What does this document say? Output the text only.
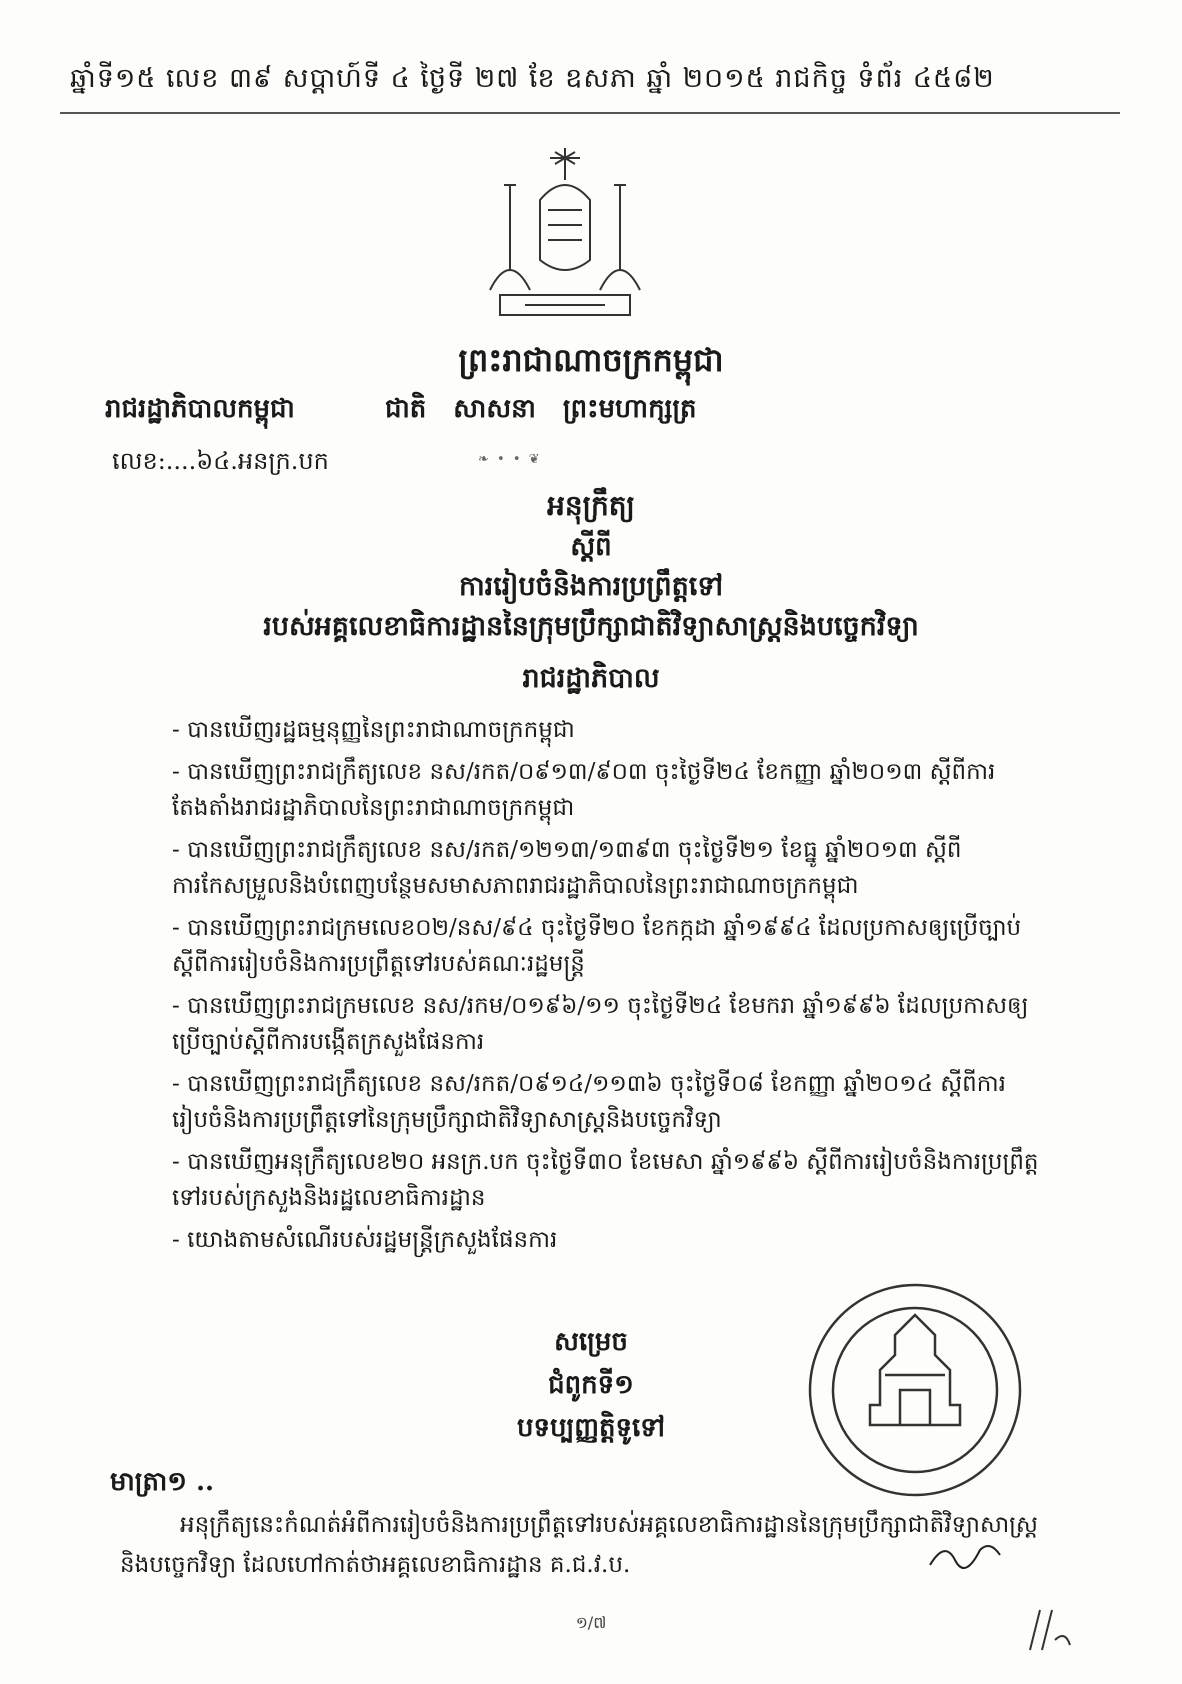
ឆ្នាំទី១៥ លេខ ៣៩ សប្ដាហ៍ទី ៤ ថ្ងៃទី ២៧ ខែ ឧសភា ឆ្នាំ ២០១៥ រាជកិច្ច ទំព័រ ៤៥៨២
ព្រះរាជាណាចក្រកម្ពុជា
រាជរដ្ឋាភិបាលកម្ពុជា	ជាតិ សាសនា ព្រះមហាក្សត្រ
លេខ:....៦៤.អនក្រ.បក	❧ • • ❦
អនុក្រឹត្យ
ស្ដីពី
ការរៀបចំនិងការប្រព្រឹត្តទៅ
របស់អគ្គលេខាធិការដ្ឋាននៃក្រុមប្រឹក្សាជាតិវិទ្យាសាស្ត្រនិងបច្ចេកវិទ្យា
រាជរដ្ឋាភិបាល
- បានឃើញរដ្ឋធម្មនុញ្ញនៃព្រះរាជាណាចក្រកម្ពុជា
- បានឃើញព្រះរាជក្រឹត្យលេខ នស/រកត/០៩១៣/៩០៣ ចុះថ្ងៃទី២៤ ខែកញ្ញា ឆ្នាំ២០១៣ ស្តីពីការតែងតាំងរាជរដ្ឋាភិបាលនៃព្រះរាជាណាចក្រកម្ពុជា
- បានឃើញព្រះរាជក្រឹត្យលេខ នស/រកត/១២១៣/១៣៩៣ ចុះថ្ងៃទី២១ ខែធ្នូ ឆ្នាំ២០១៣ ស្តីពីការកែសម្រួលនិងបំពេញបន្ថែមសមាសភាពរាជរដ្ឋាភិបាលនៃព្រះរាជាណាចក្រកម្ពុជា
- បានឃើញព្រះរាជក្រមលេខ០២/នស/៩៤ ចុះថ្ងៃទី២០ ខែកក្កដា ឆ្នាំ១៩៩៤ ដែលប្រកាសឲ្យប្រើច្បាប់ស្តីពីការរៀបចំនិងការប្រព្រឹត្តទៅរបស់គណៈរដ្ឋមន្ត្រី
- បានឃើញព្រះរាជក្រមលេខ នស/រកម/០១៩៦/១១ ចុះថ្ងៃទី២៤ ខែមករា ឆ្នាំ១៩៩៦ ដែលប្រកាសឲ្យប្រើច្បាប់ស្តីពីការបង្កើតក្រសួងផែនការ
- បានឃើញព្រះរាជក្រឹត្យលេខ នស/រកត/០៩១៤/១១៣៦ ចុះថ្ងៃទី០៨ ខែកញ្ញា ឆ្នាំ២០១៤ ស្តីពីការរៀបចំនិងការប្រព្រឹត្តទៅនៃក្រុមប្រឹក្សាជាតិវិទ្យាសាស្ត្រនិងបច្ចេកវិទ្យា
- បានឃើញអនុក្រឹត្យលេខ២០ អនក្រ.បក ចុះថ្ងៃទី៣០ ខែមេសា ឆ្នាំ១៩៩៦ ស្តីពីការរៀបចំនិងការប្រព្រឹត្តទៅរបស់ក្រសួងនិងរដ្ឋលេខាធិការដ្ឋាន
- យោងតាមសំណើរបស់រដ្ឋមន្ត្រីក្រសួងផែនការ
សម្រេច
ជំពូកទី១
បទប្បញ្ញត្តិទូទៅ
មាត្រា១ ..
អនុក្រឹត្យនេះកំណត់អំពីការរៀបចំនិងការប្រព្រឹត្តទៅរបស់អគ្គលេខាធិការដ្ឋាននៃក្រុមប្រឹក្សាជាតិវិទ្យាសាស្ត្រនិងបច្ចេកវិទ្យា ដែលហៅកាត់ថាអគ្គលេខាធិការដ្ឋាន គ.ជ.វ.ប.
១/៧
